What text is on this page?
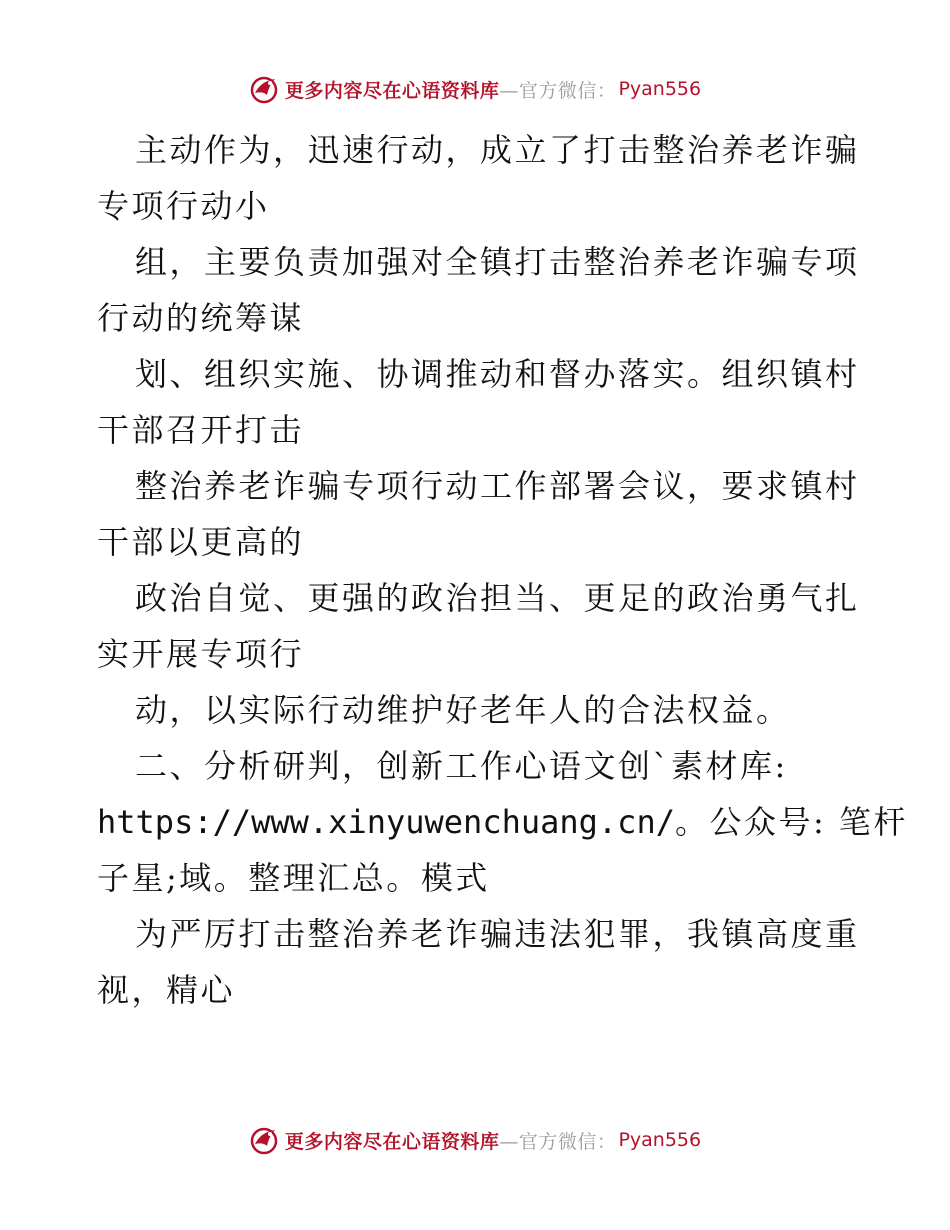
更多内容尽在心语资料库—官方微信： Pyan556
主动作为，迅速行动，成立了打击整治养老诈骗
专项行动小
组，主要负责加强对全镇打击整治养老诈骗专项
行动的统筹谋
划、组织实施、协调推动和督办落实。组织镇村
干部召开打击
整治养老诈骗专项行动工作部署会议，要求镇村
干部以更高的
政治自觉、更强的政治担当、更足的政治勇气扎
实开展专项行
动，以实际行动维护好老年人的合法权益。
二、分析研判，创新工作心语文创`素材库:
https://www.xinyuwenchuang.cn/。公众号: 笔杆
子星;域。整理汇总。模式
为严厉打击整治养老诈骗违法犯罪，我镇高度重
视，精心
更多内容尽在心语资料库—官方微信： Pyan556
